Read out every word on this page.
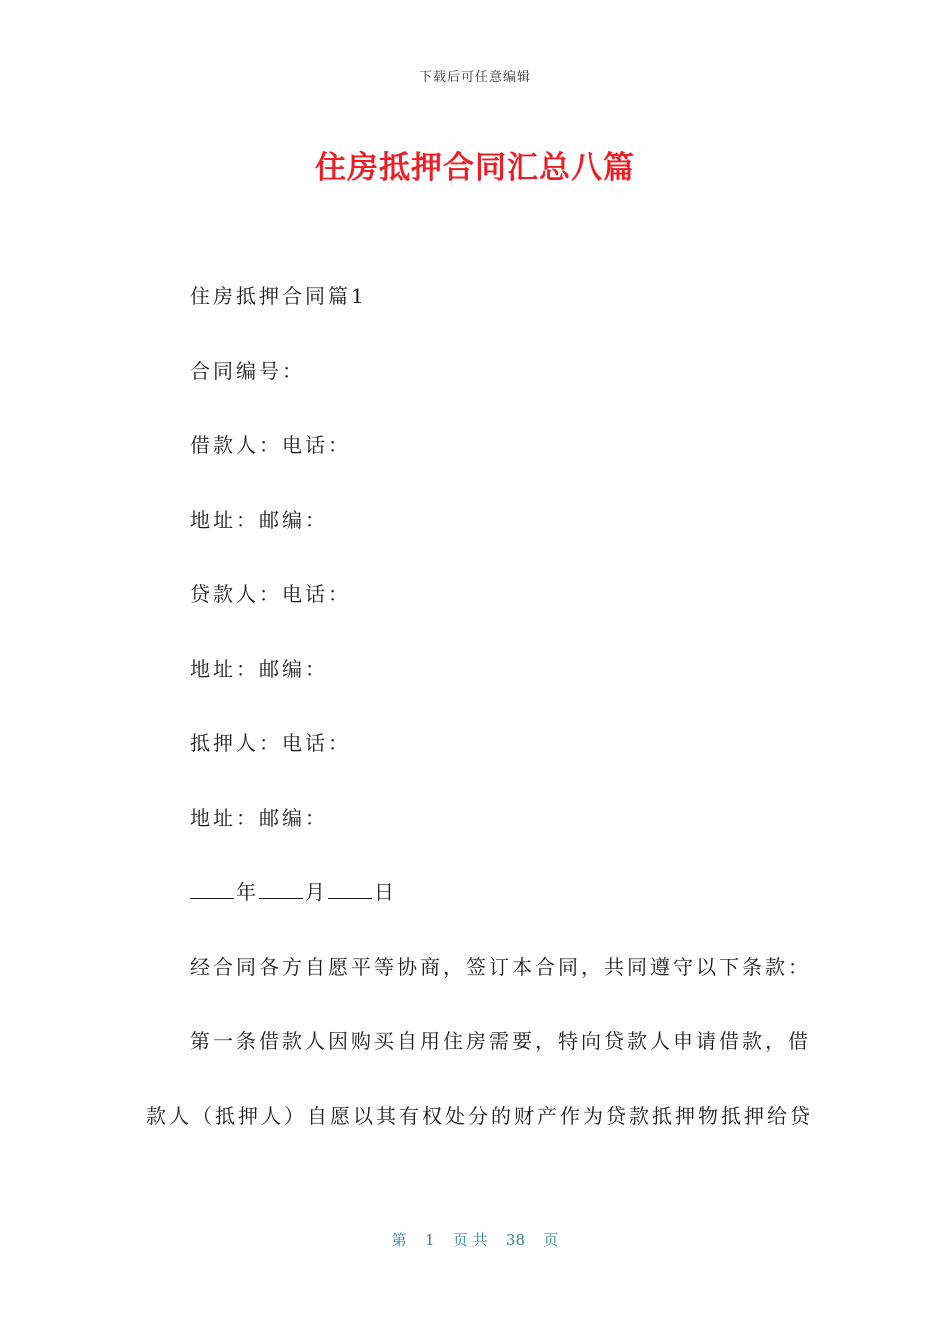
下载后可任意编辑
住房抵押合同汇总八篇
住房抵押合同篇1
合同编号：
借款人：电话：
地址：邮编：
贷款人：电话：
地址：邮编：
抵押人：电话：
地址：邮编：
年 月 日
经合同各方自愿平等协商，签订本合同，共同遵守以下条款：
第一条借款人因购买自用住房需要，特向贷款人申请借款，借
款人（抵押人）自愿以其有权处分的财产作为贷款抵押物抵押给贷
第 1 页 共 38 页
